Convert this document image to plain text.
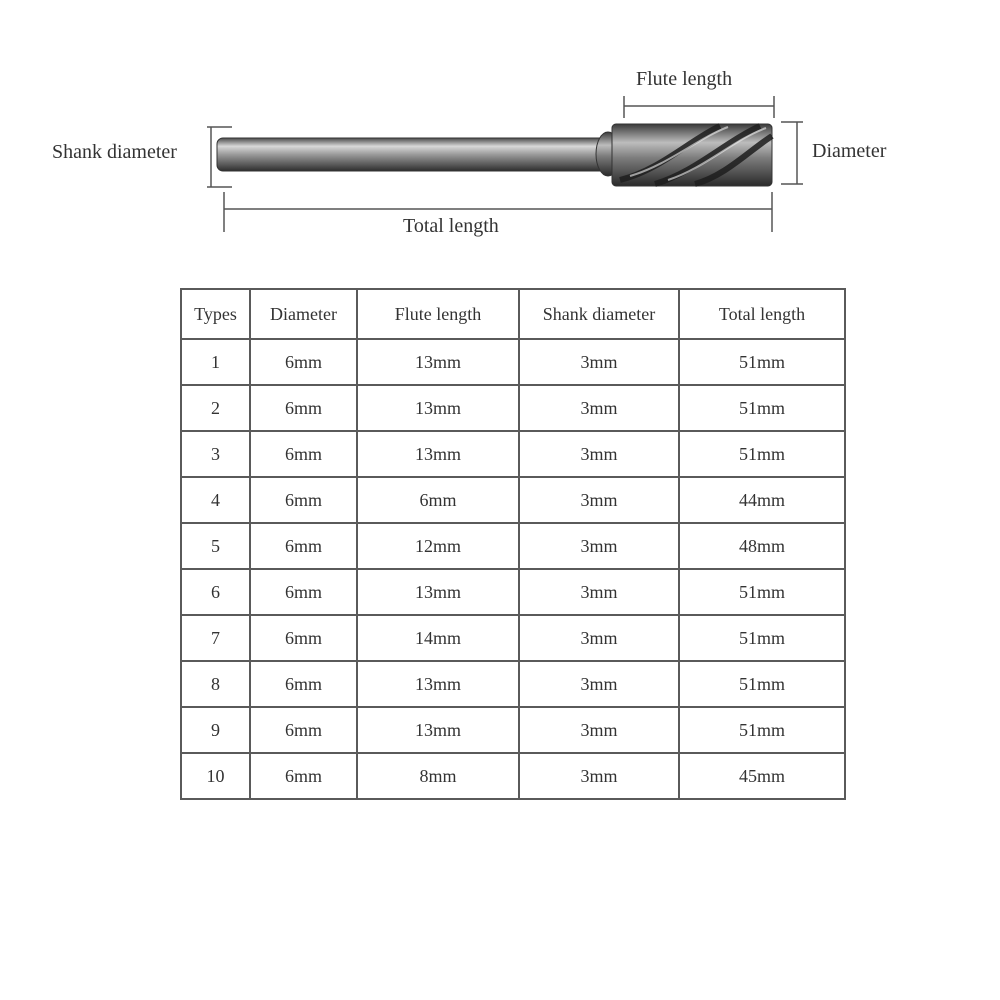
Shank diameter
Flute length
Diameter
Total length
Types	Diameter	Flute length	Shank diameter	Total length
1	6mm	13mm	3mm	51mm
2	6mm	13mm	3mm	51mm
3	6mm	13mm	3mm	51mm
4	6mm	6mm	3mm	44mm
5	6mm	12mm	3mm	48mm
6	6mm	13mm	3mm	51mm
7	6mm	14mm	3mm	51mm
8	6mm	13mm	3mm	51mm
9	6mm	13mm	3mm	51mm
10	6mm	8mm	3mm	45mm
